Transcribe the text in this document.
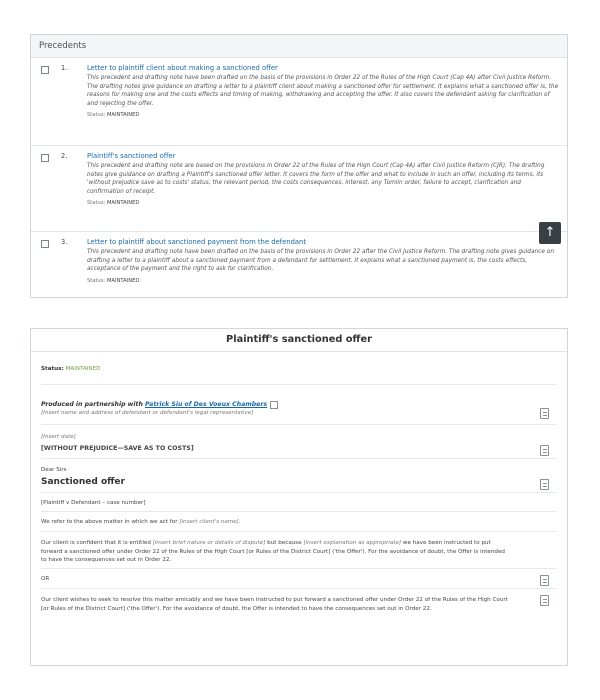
Precedents
1.	Letter to plaintiff client about making a sanctioned offer

This precedent and drafting note have been drafted on the basis of the provisions in Order 22 of the Rules of the High Court (Cap 4A) after Civil Justice Reform. The drafting notes give guidance on drafting a letter to a plaintiff client about making a sanctioned offer for settlement. It explains what a sanctioned offer is, the reasons for making one and the costs effects and timing of making, withdrawing and accepting the offer. It also covers the defendant asking for clarification of and rejecting the offer.

Status: MAINTAINED
2.	Plaintiff's sanctioned offer

This precedent and drafting note are based on the provisions in Order 22 of the Rules of the High Court (Cap 4A) after Civil Justice Reform (CJR). The drafting notes give guidance on drafting a Plaintiff's sanctioned offer letter. It covers the form of the offer and what to include in such an offer, including its terms, its 'without prejudice save as to costs' status, the relevant period, the costs consequences, interest, any Tomlin order, failure to accept, clarification and confirmation of receipt.

Status: MAINTAINED
3.	Letter to plaintiff about sanctioned payment from the defendant

This precedent and drafting note have been drafted on the basis of the provisions in Order 22 after the Civil Justice Reform. The drafting note gives guidance on drafting a letter to a plaintiff about a sanctioned payment from a defendant for settlement. It explains what a sanctioned payment is, the costs effects, acceptance of the payment and the right to ask for clarification.

Status: MAINTAINED
↑
Plaintiff's sanctioned offer
Status: MAINTAINED
Produced in partnership with Patrick Siu of Des Voeux Chambers
[Insert name and address of defendant or defendant's legal representative]
[Insert date]
[WITHOUT PREJUDICE—SAVE AS TO COSTS]
Dear Sirs
Sanctioned offer
[Plaintiff v Defendant – case number]
We refer to the above matter in which we act for [insert client's name].
Our client is confident that it is entitled [insert brief nature or details of dispute] but because [insert explanation as appropriate] we have been instructed to put forward a sanctioned offer under Order 22 of the Rules of the High Court [or Rules of the District Court] ('the Offer'). For the avoidance of doubt, the Offer is intended to have the consequences set out in Order 22.
OR
Our client wishes to seek to resolve this matter amicably and we have been instructed to put forward a sanctioned offer under Order 22 of the Rules of the High Court [or Rules of the District Court] ('the Offer'). For the avoidance of doubt, the Offer is intended to have the consequences set out in Order 22.
